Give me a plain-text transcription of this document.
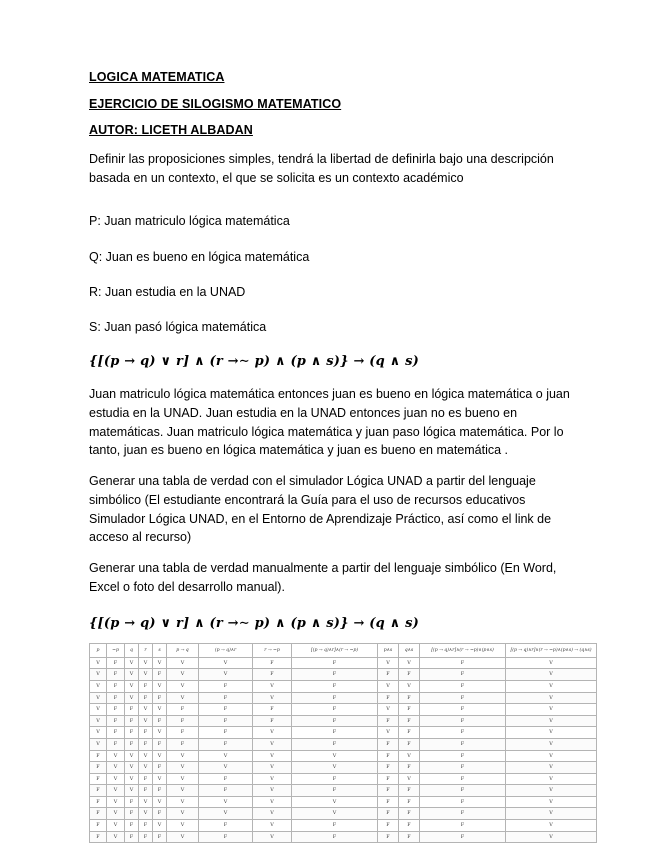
LOGICA MATEMATICA
EJERCICIO DE SILOGISMO MATEMATICO
AUTOR: LICETH ALBADAN

Definir las proposiciones simples, tendrá la libertad de definirla bajo una descripción basada en un contexto, el que se solicita es un contexto académico

P: Juan matriculo lógica matemática

Q: Juan es bueno en lógica matemática

R: Juan estudia en la UNAD

S: Juan pasó lógica matemática

{[(p → q) ∨ r] ∧ (r →∼ p) ∧ (p ∧ s)} → (q ∧ s)

Juan matriculo lógica matemática entonces juan es bueno en lógica matemática o juan estudia en la UNAD. Juan estudia en la UNAD entonces juan no es bueno en matemáticas. Juan matriculo lógica matemática y juan paso lógica matemática. Por lo tanto, juan es bueno en lógica matemática y juan es bueno en matemática .

Generar una tabla de verdad con el simulador Lógica UNAD a partir del lenguaje simbólico (El estudiante encontrará la Guía para el uso de recursos educativos Simulador Lógica UNAD, en el Entorno de Aprendizaje Práctico, así como el link de acceso al recurso)

Generar una tabla de verdad manualmente a partir del lenguaje simbólico (En Word, Excel o foto del desarrollo manual).

{[(p → q) ∨ r] ∧ (r →∼ p) ∧ (p ∧ s)} → (q ∧ s)

p	~p	q	r	s	p → q	(p → q)∧r	r → ~p	[(p → q)∧r]∧(r → ~p)	p∧s	q∧s	[(p → q)∧r]∧(r → ~p)∧(p∧s)	[(p → q)∧r]∧(r → ~p)∧(p∧s) → (q∧s)
V	F	V	V	V	V	V	F	F	V	V	F	V
V	F	V	V	F	V	V	F	F	F	F	F	V
V	F	V	F	V	V	F	V	F	V	V	F	V
V	F	V	F	F	V	F	V	F	F	F	F	V
V	F	F	V	V	F	F	F	F	V	F	F	V
V	F	F	V	F	F	F	F	F	F	F	F	V
V	F	F	F	V	F	F	V	F	V	F	F	V
V	F	F	F	F	F	F	V	F	F	F	F	V
F	V	V	V	V	V	V	V	V	F	V	F	V
F	V	V	V	F	V	V	V	V	F	F	F	V
F	V	V	F	V	V	F	V	F	F	V	F	V
F	V	V	F	F	V	F	V	F	F	F	F	V
F	V	F	V	V	V	V	V	V	F	F	F	V
F	V	F	V	F	V	V	V	V	F	F	F	V
F	V	F	F	V	V	F	V	F	F	F	F	V
F	V	F	F	F	V	F	V	F	F	F	F	V
